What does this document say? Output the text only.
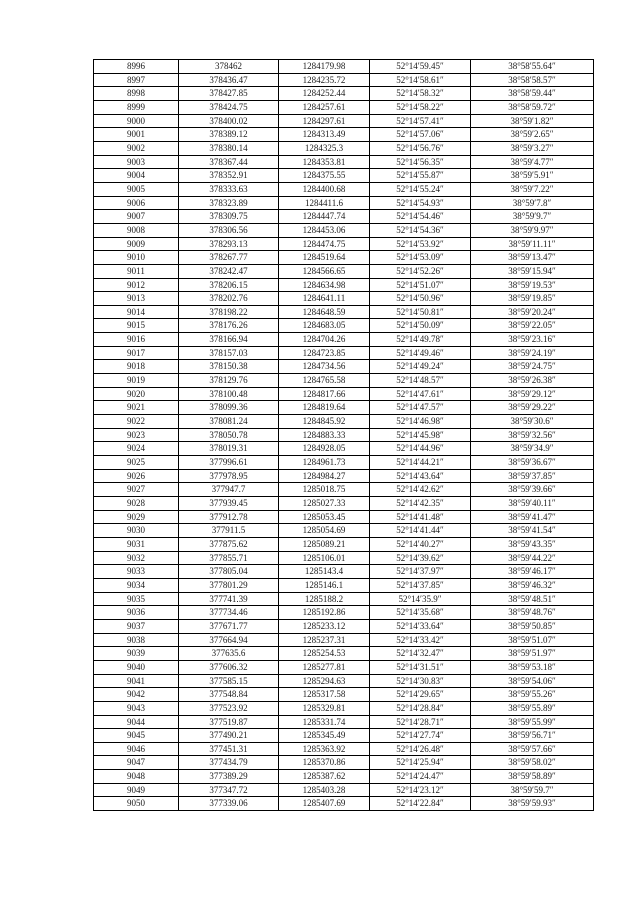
8996	378462	1284179.98	52°14′59.45″	38°58′55.64″
8997	378436.47	1284235.72	52°14′58.61″	38°58′58.57″
8998	378427.85	1284252.44	52°14′58.32″	38°58′59.44″
8999	378424.75	1284257.61	52°14′58.22″	38°58′59.72″
9000	378400.02	1284297.61	52°14′57.41″	38°59′1.82″
9001	378389.12	1284313.49	52°14′57.06″	38°59′2.65″
9002	378380.14	1284325.3	52°14′56.76″	38°59′3.27″
9003	378367.44	1284353.81	52°14′56.35″	38°59′4.77″
9004	378352.91	1284375.55	52°14′55.87″	38°59′5.91″
9005	378333.63	1284400.68	52°14′55.24″	38°59′7.22″
9006	378323.89	1284411.6	52°14′54.93″	38°59′7.8″
9007	378309.75	1284447.74	52°14′54.46″	38°59′9.7″
9008	378306.56	1284453.06	52°14′54.36″	38°59′9.97″
9009	378293.13	1284474.75	52°14′53.92″	38°59′11.11″
9010	378267.77	1284519.64	52°14′53.09″	38°59′13.47″
9011	378242.47	1284566.65	52°14′52.26″	38°59′15.94″
9012	378206.15	1284634.98	52°14′51.07″	38°59′19.53″
9013	378202.76	1284641.11	52°14′50.96″	38°59′19.85″
9014	378198.22	1284648.59	52°14′50.81″	38°59′20.24″
9015	378176.26	1284683.05	52°14′50.09″	38°59′22.05″
9016	378166.94	1284704.26	52°14′49.78″	38°59′23.16″
9017	378157.03	1284723.85	52°14′49.46″	38°59′24.19″
9018	378150.38	1284734.56	52°14′49.24″	38°59′24.75″
9019	378129.76	1284765.58	52°14′48.57″	38°59′26.38″
9020	378100.48	1284817.66	52°14′47.61″	38°59′29.12″
9021	378099.36	1284819.64	52°14′47.57″	38°59′29.22″
9022	378081.24	1284845.92	52°14′46.98″	38°59′30.6″
9023	378050.78	1284883.33	52°14′45.98″	38°59′32.56″
9024	378019.31	1284928.05	52°14′44.96″	38°59′34.9″
9025	377996.61	1284961.73	52°14′44.21″	38°59′36.67″
9026	377978.95	1284984.27	52°14′43.64″	38°59′37.85″
9027	377947.7	1285018.75	52°14′42.62″	38°59′39.66″
9028	377939.45	1285027.33	52°14′42.35″	38°59′40.11″
9029	377912.78	1285053.45	52°14′41.48″	38°59′41.47″
9030	377911.5	1285054.69	52°14′41.44″	38°59′41.54″
9031	377875.62	1285089.21	52°14′40.27″	38°59′43.35″
9032	377855.71	1285106.01	52°14′39.62″	38°59′44.22″
9033	377805.04	1285143.4	52°14′37.97″	38°59′46.17″
9034	377801.29	1285146.1	52°14′37.85″	38°59′46.32″
9035	377741.39	1285188.2	52°14′35.9″	38°59′48.51″
9036	377734.46	1285192.86	52°14′35.68″	38°59′48.76″
9037	377671.77	1285233.12	52°14′33.64″	38°59′50.85″
9038	377664.94	1285237.31	52°14′33.42″	38°59′51.07″
9039	377635.6	1285254.53	52°14′32.47″	38°59′51.97″
9040	377606.32	1285277.81	52°14′31.51″	38°59′53.18″
9041	377585.15	1285294.63	52°14′30.83″	38°59′54.06″
9042	377548.84	1285317.58	52°14′29.65″	38°59′55.26″
9043	377523.92	1285329.81	52°14′28.84″	38°59′55.89″
9044	377519.87	1285331.74	52°14′28.71″	38°59′55.99″
9045	377490.21	1285345.49	52°14′27.74″	38°59′56.71″
9046	377451.31	1285363.92	52°14′26.48″	38°59′57.66″
9047	377434.79	1285370.86	52°14′25.94″	38°59′58.02″
9048	377389.29	1285387.62	52°14′24.47″	38°59′58.89″
9049	377347.72	1285403.28	52°14′23.12″	38°59′59.7″
9050	377339.06	1285407.69	52°14′22.84″	38°59′59.93″
